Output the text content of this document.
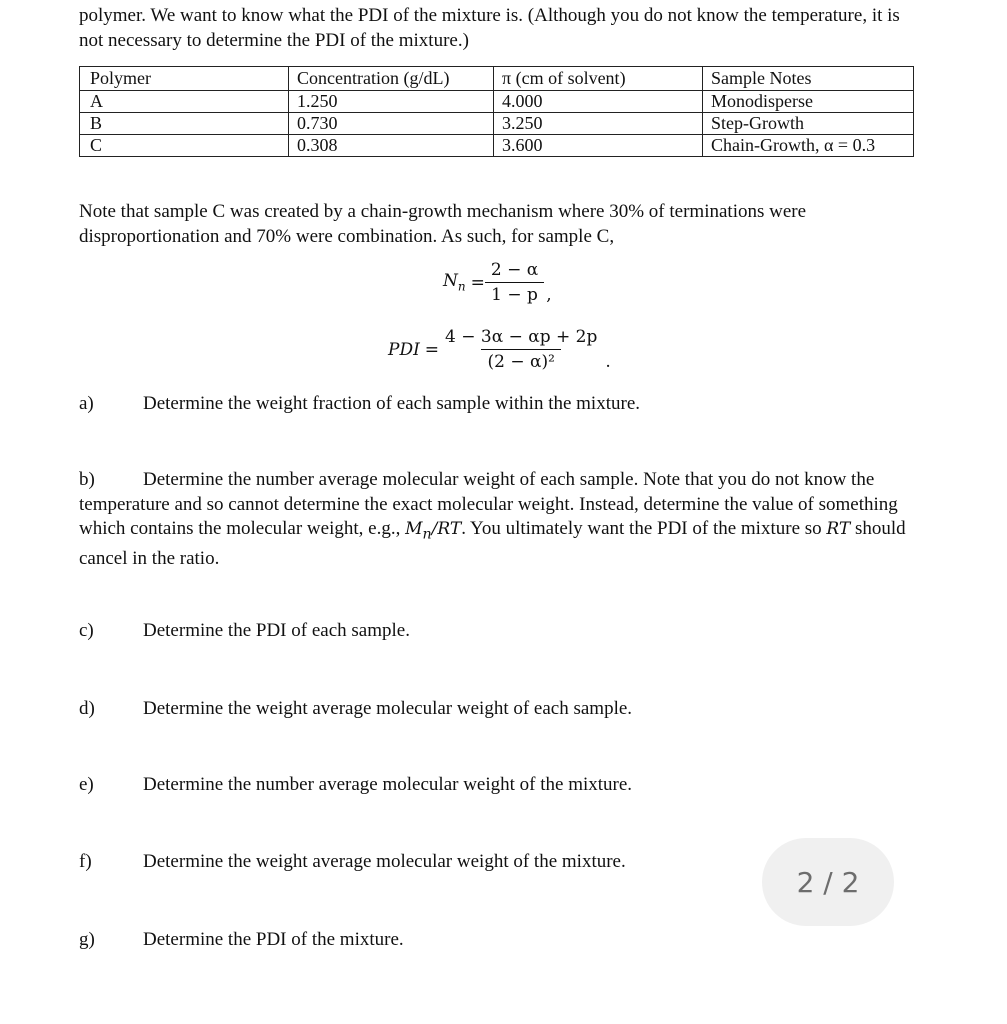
polymer. We want to know what the PDI of the mixture is. (Although you do not know the temperature, it is not necessary to determine the PDI of the mixture.)
Polymer	Concentration (g/dL)	π (cm of solvent)	Sample Notes
A	1.250	4.000	Monodisperse
B	0.730	3.250	Step-Growth
C	0.308	3.600	Chain-Growth, α = 0.3
Note that sample C was created by a chain-growth mechanism where 30% of terminations were disproportionation and 70% were combination. As such, for sample C,
$N_n = \frac{2 - \alpha}{1 - p}$ ,
PDI = $\frac{4 - 3\alpha - \alpha p + 2p}{\text{(2 − α)²}}$ .
a)	Determine the weight fraction of each sample within the mixture.
b)	Determine the number average molecular weight of each sample. Note that you do not know the temperature and so cannot determine the exact molecular weight. Instead, determine the value of something which contains the molecular weight, e.g., $M_n/RT$. You ultimately want the PDI of the mixture so RT should cancel in the ratio.
c)	Determine the PDI of each sample.
d)	Determine the weight average molecular weight of each sample.
e)	Determine the number average molecular weight of the mixture.
f)	Determine the weight average molecular weight of the mixture.
g)	Determine the PDI of the mixture.
2 / 2
